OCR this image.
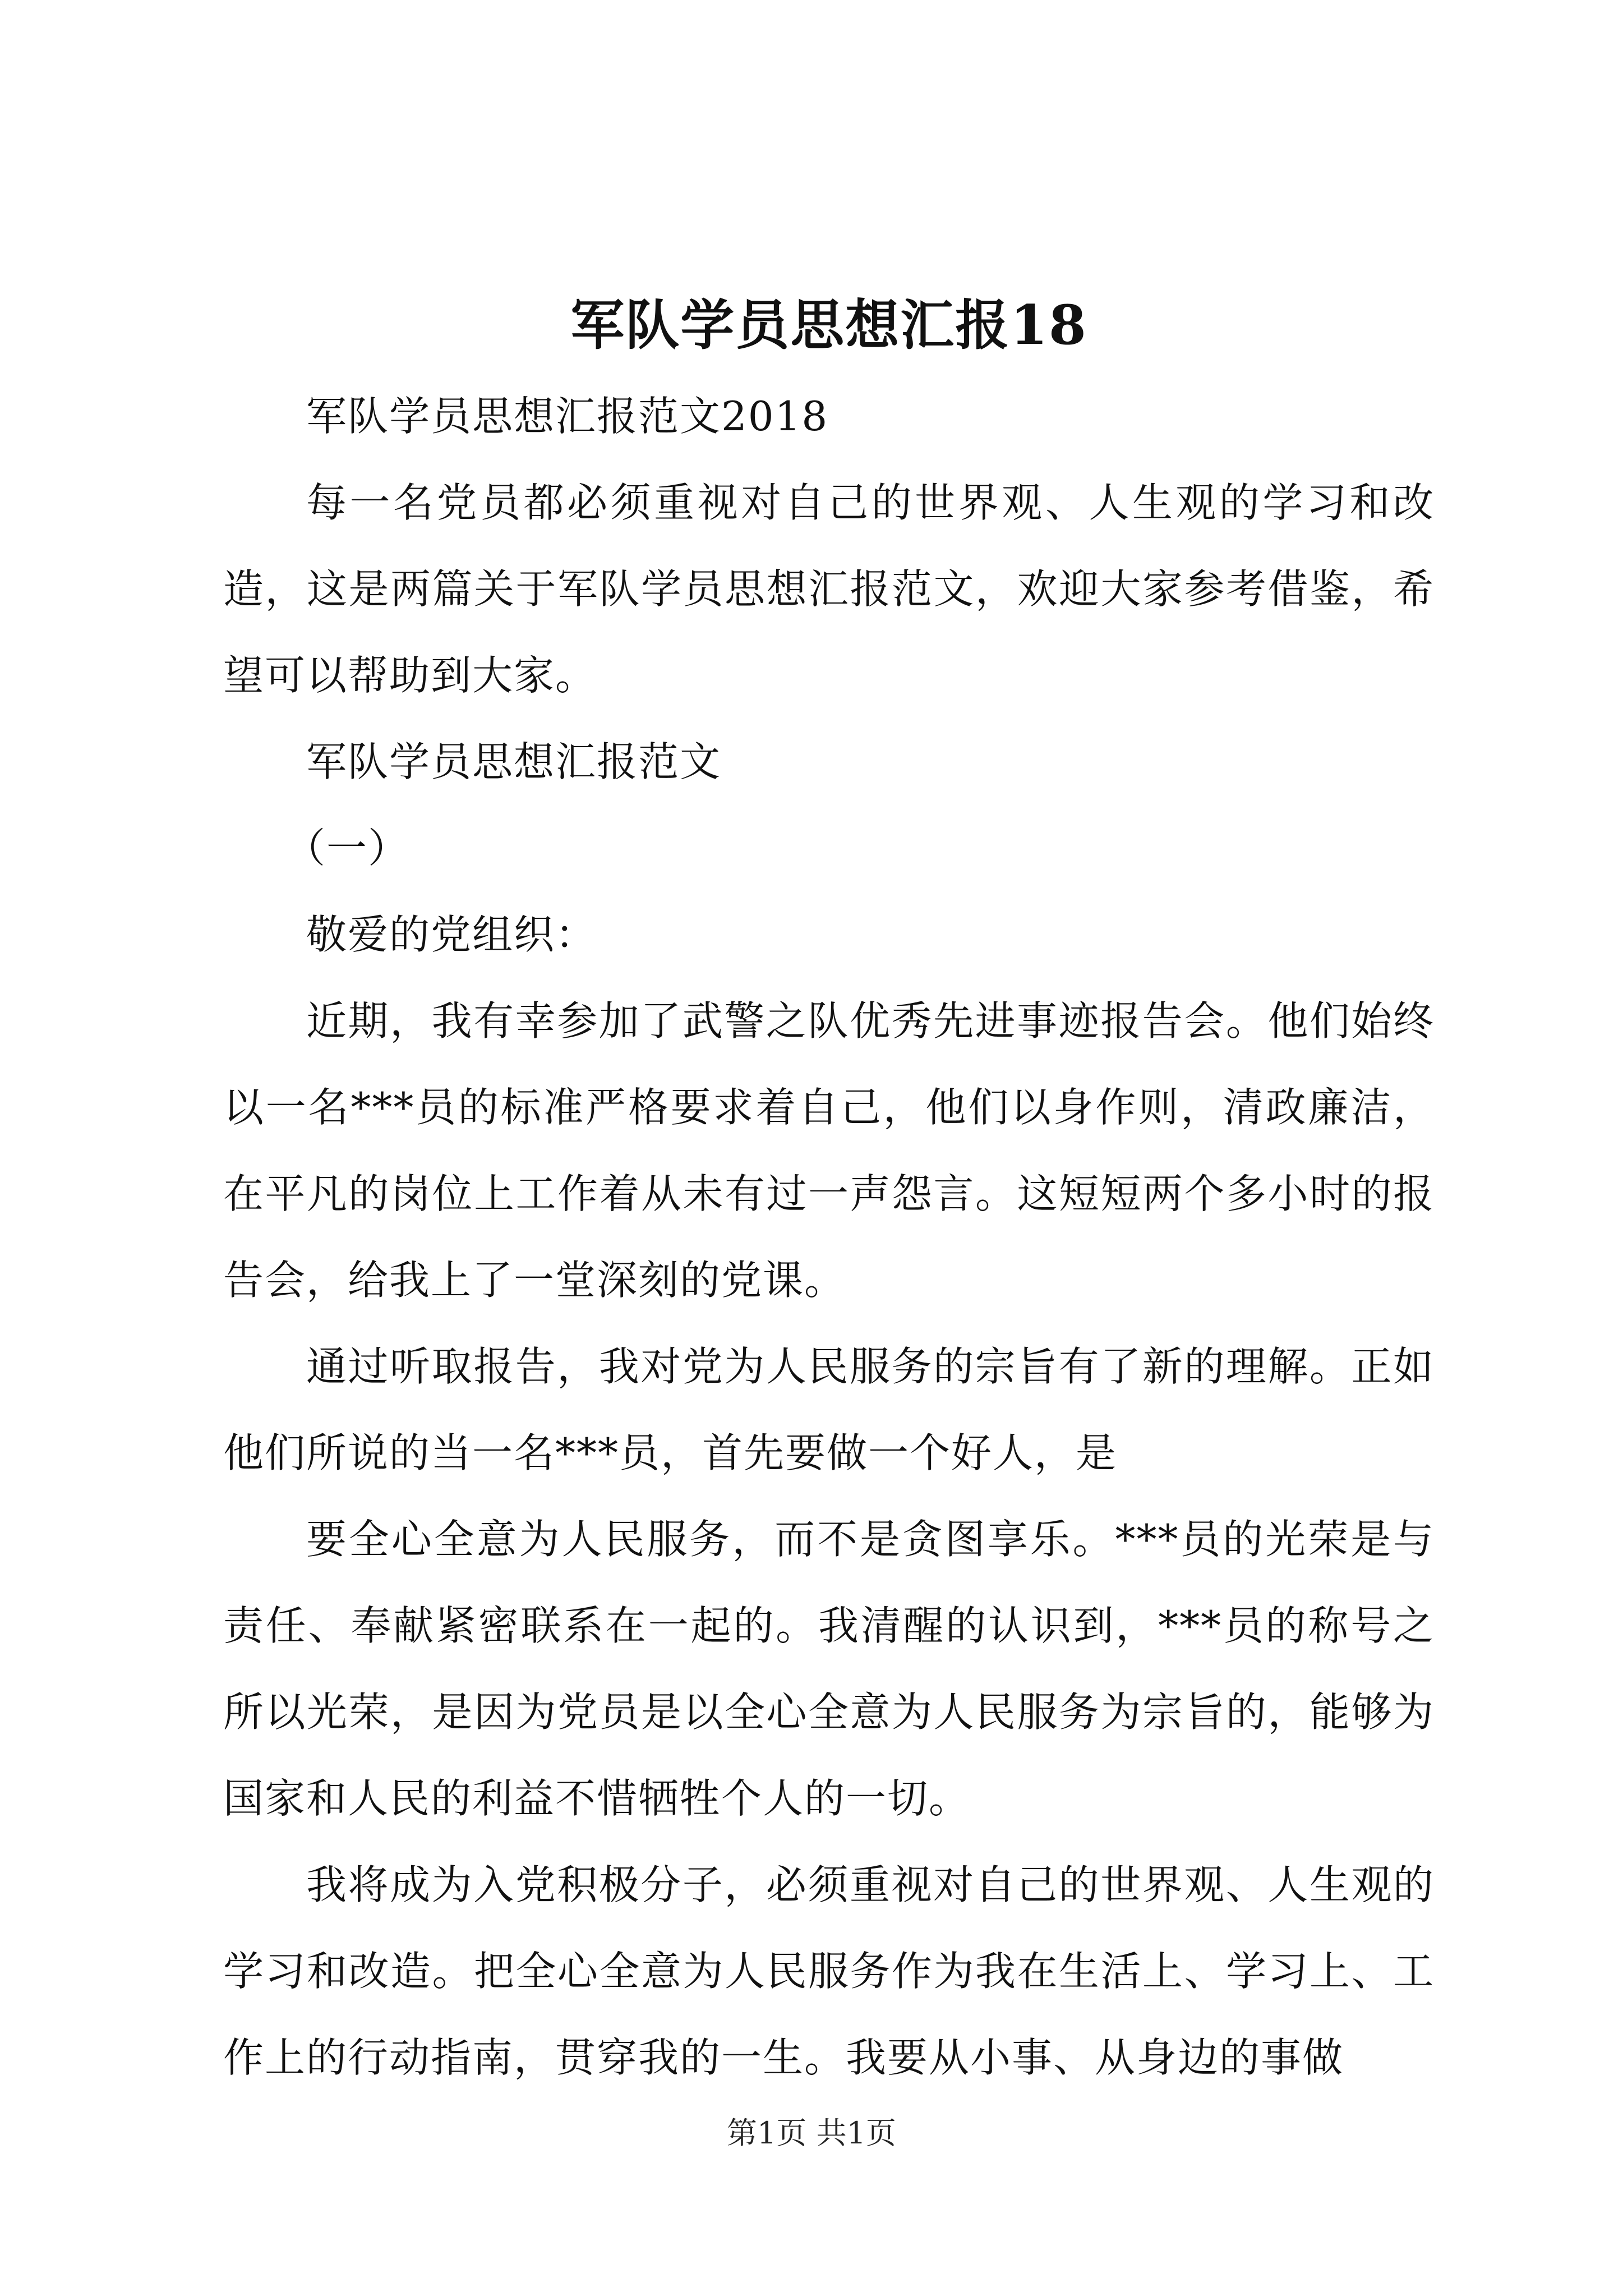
军队学员思想汇报18

军队学员思想汇报范文2018

每一名党员都必须重视对自己的世界观、人生观的学习和改造，这是两篇关于军队学员思想汇报范文，欢迎大家参考借鉴，希望可以帮助到大家。

军队学员思想汇报范文

（一）

敬爱的党组织：

近期，我有幸参加了武警之队优秀先进事迹报告会。他们始终以一名***员的标准严格要求着自己，他们以身作则，清政廉洁，在平凡的岗位上工作着从未有过一声怨言。这短短两个多小时的报告会，给我上了一堂深刻的党课。

通过听取报告，我对党为人民服务的宗旨有了新的理解。正如他们所说的当一名***员，首先要做一个好人，是

要全心全意为人民服务，而不是贪图享乐。***员的光荣是与责任、奉献紧密联系在一起的。我清醒的认识到，***员的称号之所以光荣，是因为党员是以全心全意为人民服务为宗旨的，能够为国家和人民的利益不惜牺牲个人的一切。

我将成为入党积极分子，必须重视对自己的世界观、人生观的学习和改造。把全心全意为人民服务作为我在生活上、学习上、工作上的行动指南，贯穿我的一生。我要从小事、从身边的事做

第1页 共1页
